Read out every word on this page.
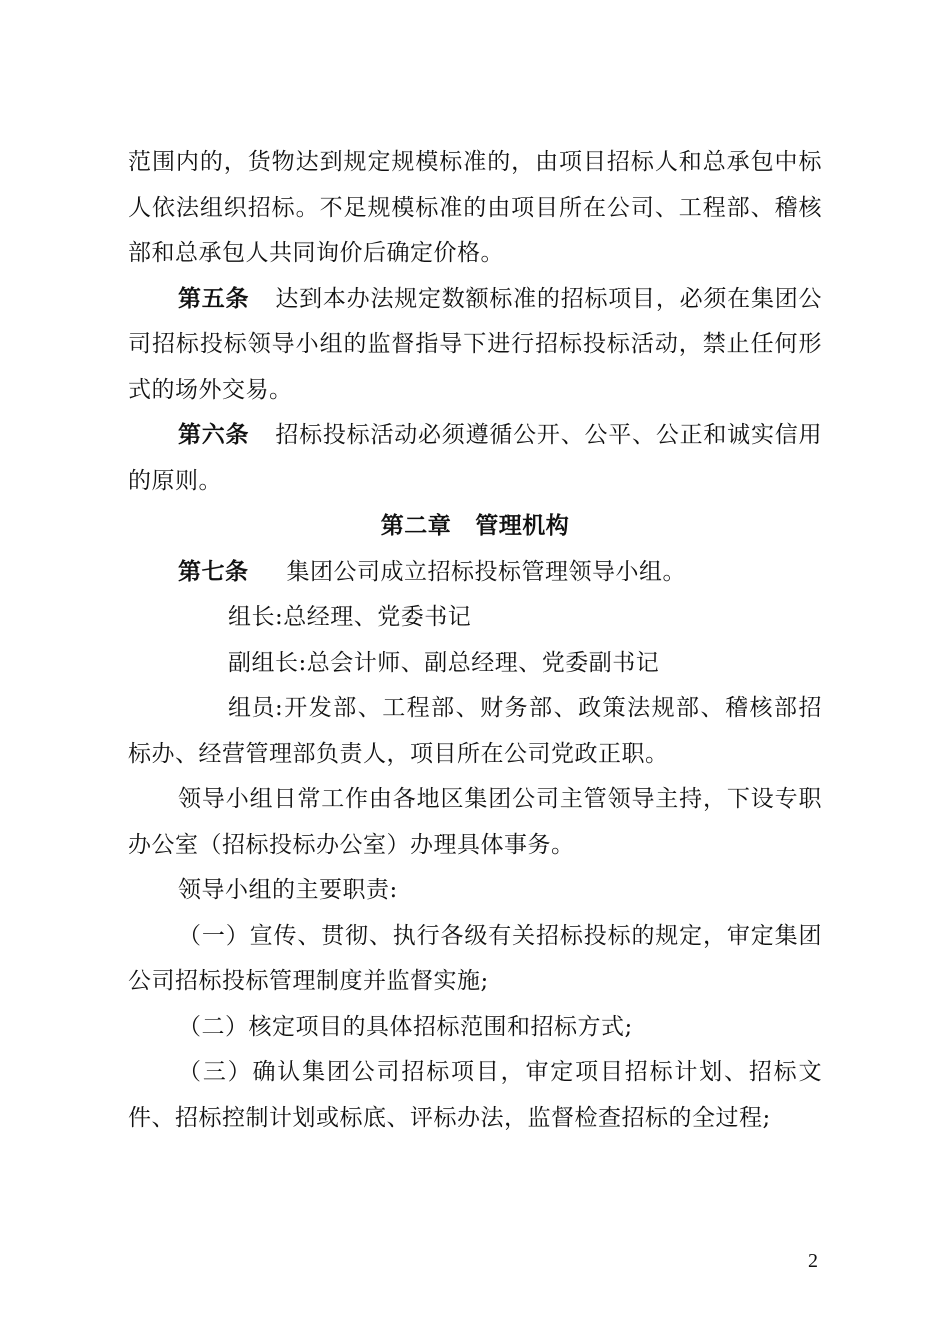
范围内的，货物达到规定规模标准的，由项目招标人和总承包中标人依法组织招标。不足规模标准的由项目所在公司、工程部、稽核部和总承包人共同询价后确定价格。

第五条 达到本办法规定数额标准的招标项目，必须在集团公司招标投标领导小组的监督指导下进行招标投标活动，禁止任何形式的场外交易。

第六条 招标投标活动必须遵循公开、公平、公正和诚实信用的原则。

第二章 管理机构

第七条 集团公司成立招标投标管理领导小组。

组长:总经理、党委书记

副组长:总会计师、副总经理、党委副书记

组员:开发部、工程部、财务部、政策法规部、稽核部招标办、经营管理部负责人，项目所在公司党政正职。

领导小组日常工作由各地区集团公司主管领导主持，下设专职办公室（招标投标办公室）办理具体事务。

领导小组的主要职责:

（一）宣传、贯彻、执行各级有关招标投标的规定，审定集团公司招标投标管理制度并监督实施;

（二）核定项目的具体招标范围和招标方式;

（三）确认集团公司招标项目，审定项目招标计划、招标文件、招标控制计划或标底、评标办法，监督检查招标的全过程;

2
